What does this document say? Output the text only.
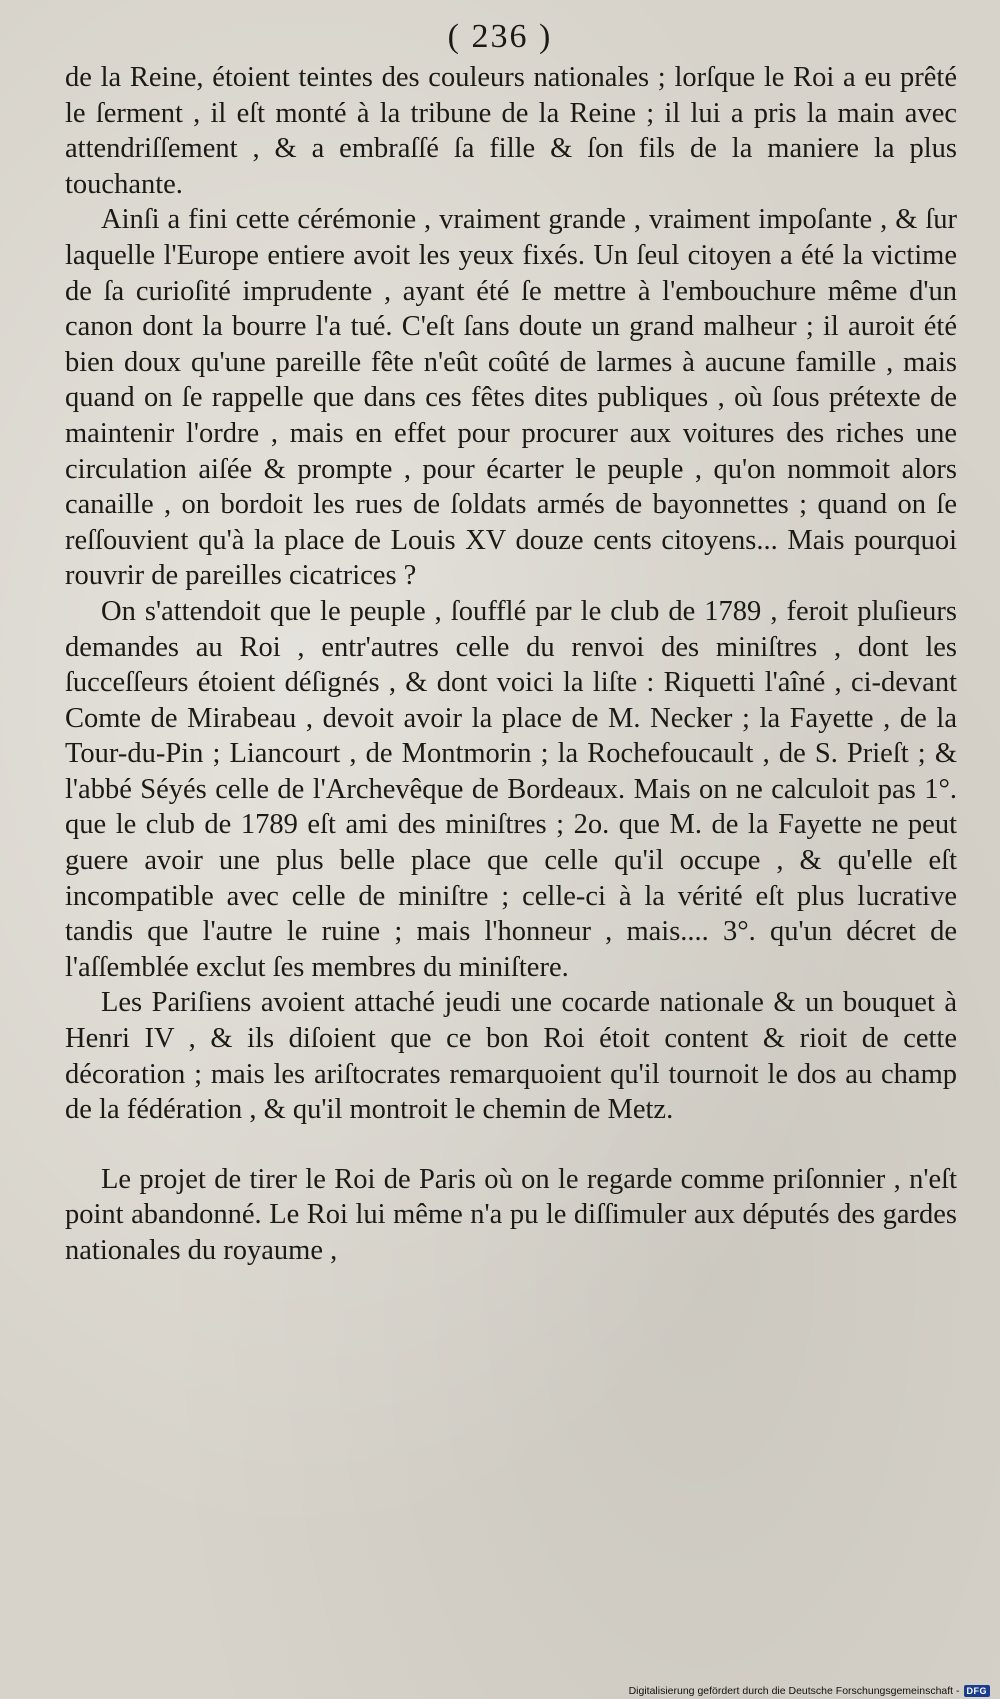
( 236 )

de la Reine, étoient teintes des couleurs nationales ; lorſque le Roi a eu prêté le ſerment , il eſt monté à la tribune de la Reine ; il lui a pris la main avec attendriſſement , & a embraſſé ſa fille & ſon fils de la maniere la plus touchante.

Ainſi a fini cette cérémonie , vraiment grande , vraiment impoſante , & ſur laquelle l'Europe entiere avoit les yeux fixés. Un ſeul citoyen a été la victime de ſa curioſité imprudente , ayant été ſe mettre à l'embouchure même d'un canon dont la bourre l'a tué. C'eſt ſans doute un grand malheur ; il auroit été bien doux qu'une pareille fête n'eût coûté de larmes à aucune famille , mais quand on ſe rappelle que dans ces fêtes dites publiques , où ſous prétexte de maintenir l'ordre , mais en effet pour procurer aux voitures des riches une circulation aiſée & prompte , pour écarter le peuple , qu'on nommoit alors canaille , on bordoit les rues de ſoldats armés de bayonnettes ; quand on ſe reſſouvient qu'à la place de Louis XV douze cents citoyens... Mais pourquoi rouvrir de pareilles cicatrices ?

On s'attendoit que le peuple , ſoufflé par le club de 1789 , feroit pluſieurs demandes au Roi , entr'autres celle du renvoi des miniſtres , dont les ſucceſſeurs étoient déſignés , & dont voici la liſte : Riquetti l'aîné , ci-devant Comte de Mirabeau , devoit avoir la place de M. Necker ; la Fayette , de la Tour-du-Pin ; Liancourt , de Montmorin ; la Rochefoucault , de S. Prieſt ; & l'abbé Séyés celle de l'Archevêque de Bordeaux. Mais on ne calculoit pas 1°. que le club de 1789 eſt ami des miniſtres ; 2o. que M. de la Fayette ne peut guere avoir une plus belle place que celle qu'il occupe , & qu'elle eſt incompatible avec celle de miniſtre ; celle-ci à la vérité eſt plus lucrative tandis que l'autre le ruine ; mais l'honneur , mais.... 3°. qu'un décret de l'aſſemblée exclut ſes membres du miniſtere.

Les Pariſiens avoient attaché jeudi une cocarde nationale & un bouquet à Henri IV , & ils diſoient que ce bon Roi étoit content & rioit de cette décoration ; mais les ariſtocrates remarquoient qu'il tournoit le dos au champ de la fédération , & qu'il montroit le chemin de Metz.

Le projet de tirer le Roi de Paris où on le regarde comme priſonnier , n'eſt point abandonné. Le Roi lui même n'a pu le diſſimuler aux députés des gardes nationales du royaume ,

Digitalisierung gefördert durch die Deutsche Forschungsgemeinschaft - DFG
